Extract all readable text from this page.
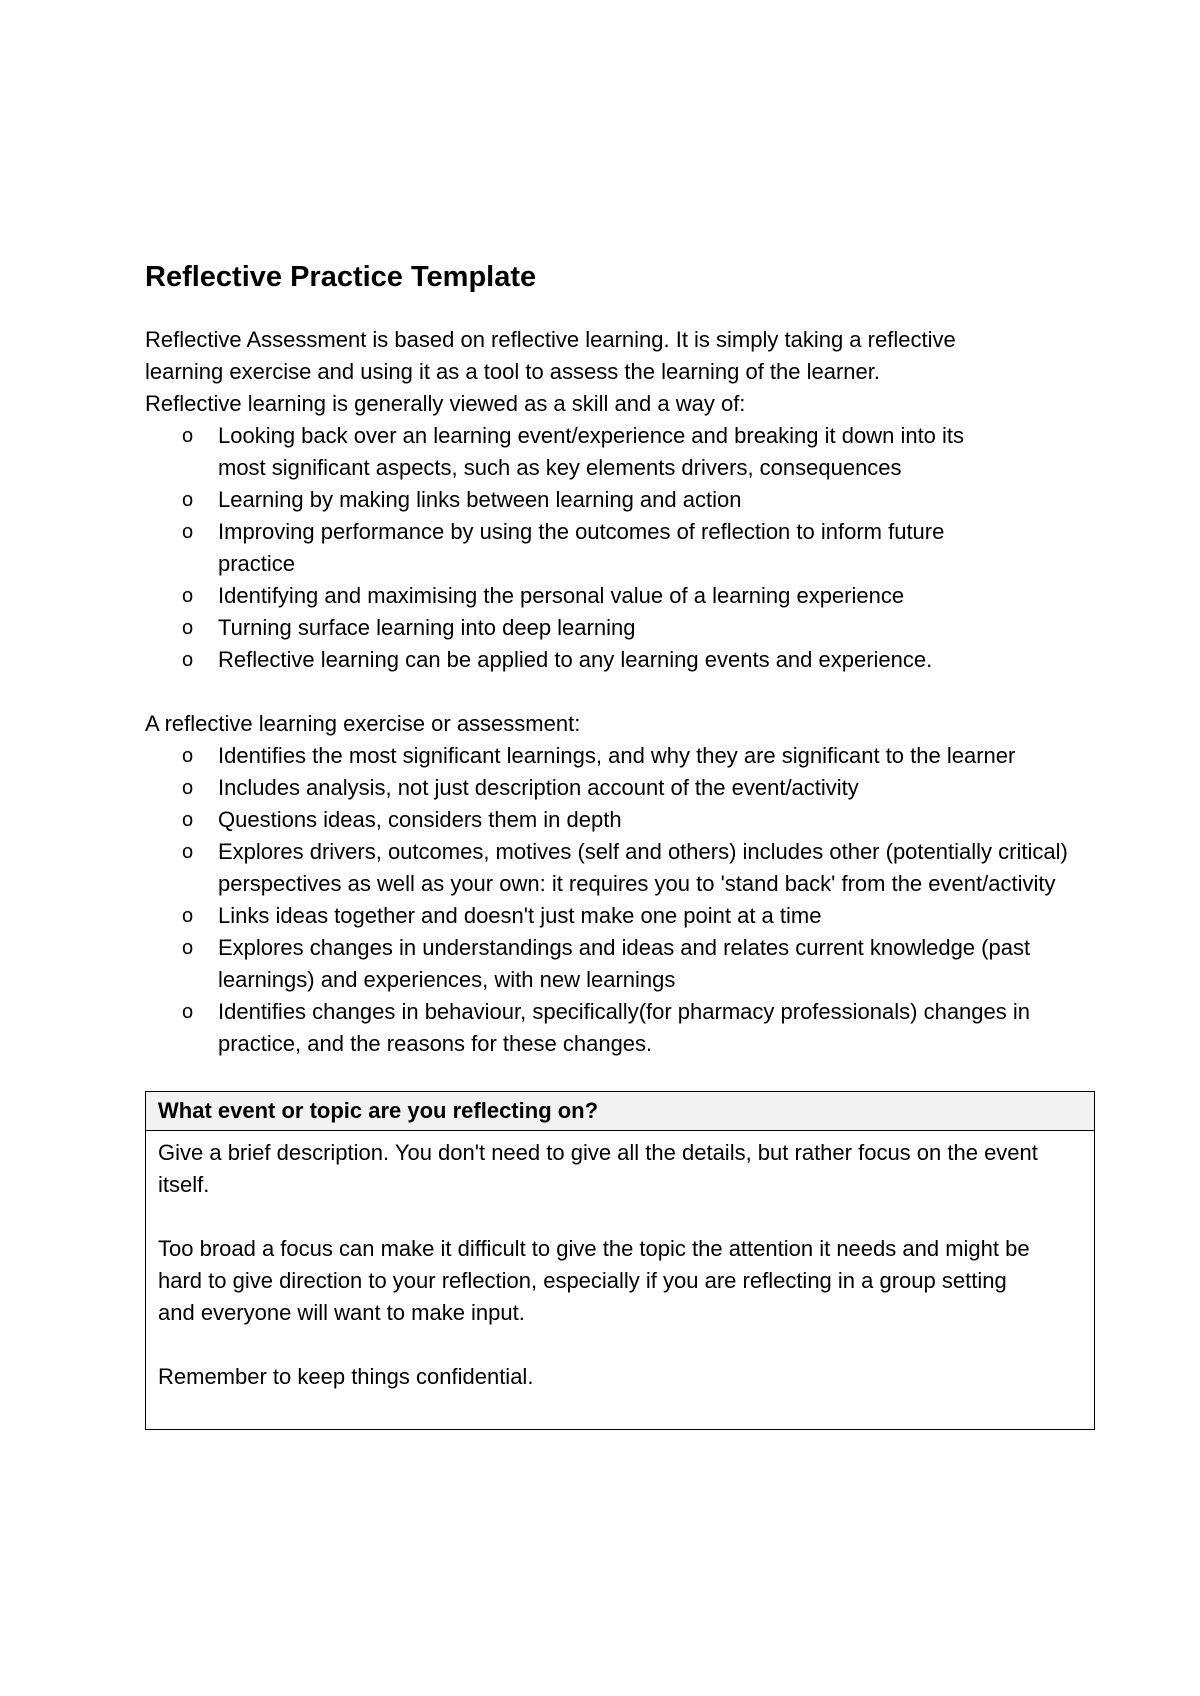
Reflective Practice Template

Reflective Assessment is based on reflective learning. It is simply taking a reflective learning exercise and using it as a tool to assess the learning of the learner.

Reflective learning is generally viewed as a skill and a way of:

o Looking back over an learning event/experience and breaking it down into its most significant aspects, such as key elements drivers, consequences
o Learning by making links between learning and action
o Improving performance by using the outcomes of reflection to inform future practice
o Identifying and maximising the personal value of a learning experience
o Turning surface learning into deep learning
o Reflective learning can be applied to any learning events and experience.

A reflective learning exercise or assessment:

o Identifies the most significant learnings, and why they are significant to the learner
o Includes analysis, not just description account of the event/activity
o Questions ideas, considers them in depth
o Explores drivers, outcomes, motives (self and others) includes other (potentially critical) perspectives as well as your own: it requires you to 'stand back' from the event/activity
o Links ideas together and doesn't just make one point at a time
o Explores changes in understandings and ideas and relates current knowledge (past learnings) and experiences, with new learnings
o Identifies changes in behaviour, specifically(for pharmacy professionals) changes in practice, and the reasons for these changes.
What event or topic are you reflecting on?

Give a brief description. You don't need to give all the details, but rather focus on the event itself.

Too broad a focus can make it difficult to give the topic the attention it needs and might be hard to give direction to your reflection, especially if you are reflecting in a group setting and everyone will want to make input.

Remember to keep things confidential.
